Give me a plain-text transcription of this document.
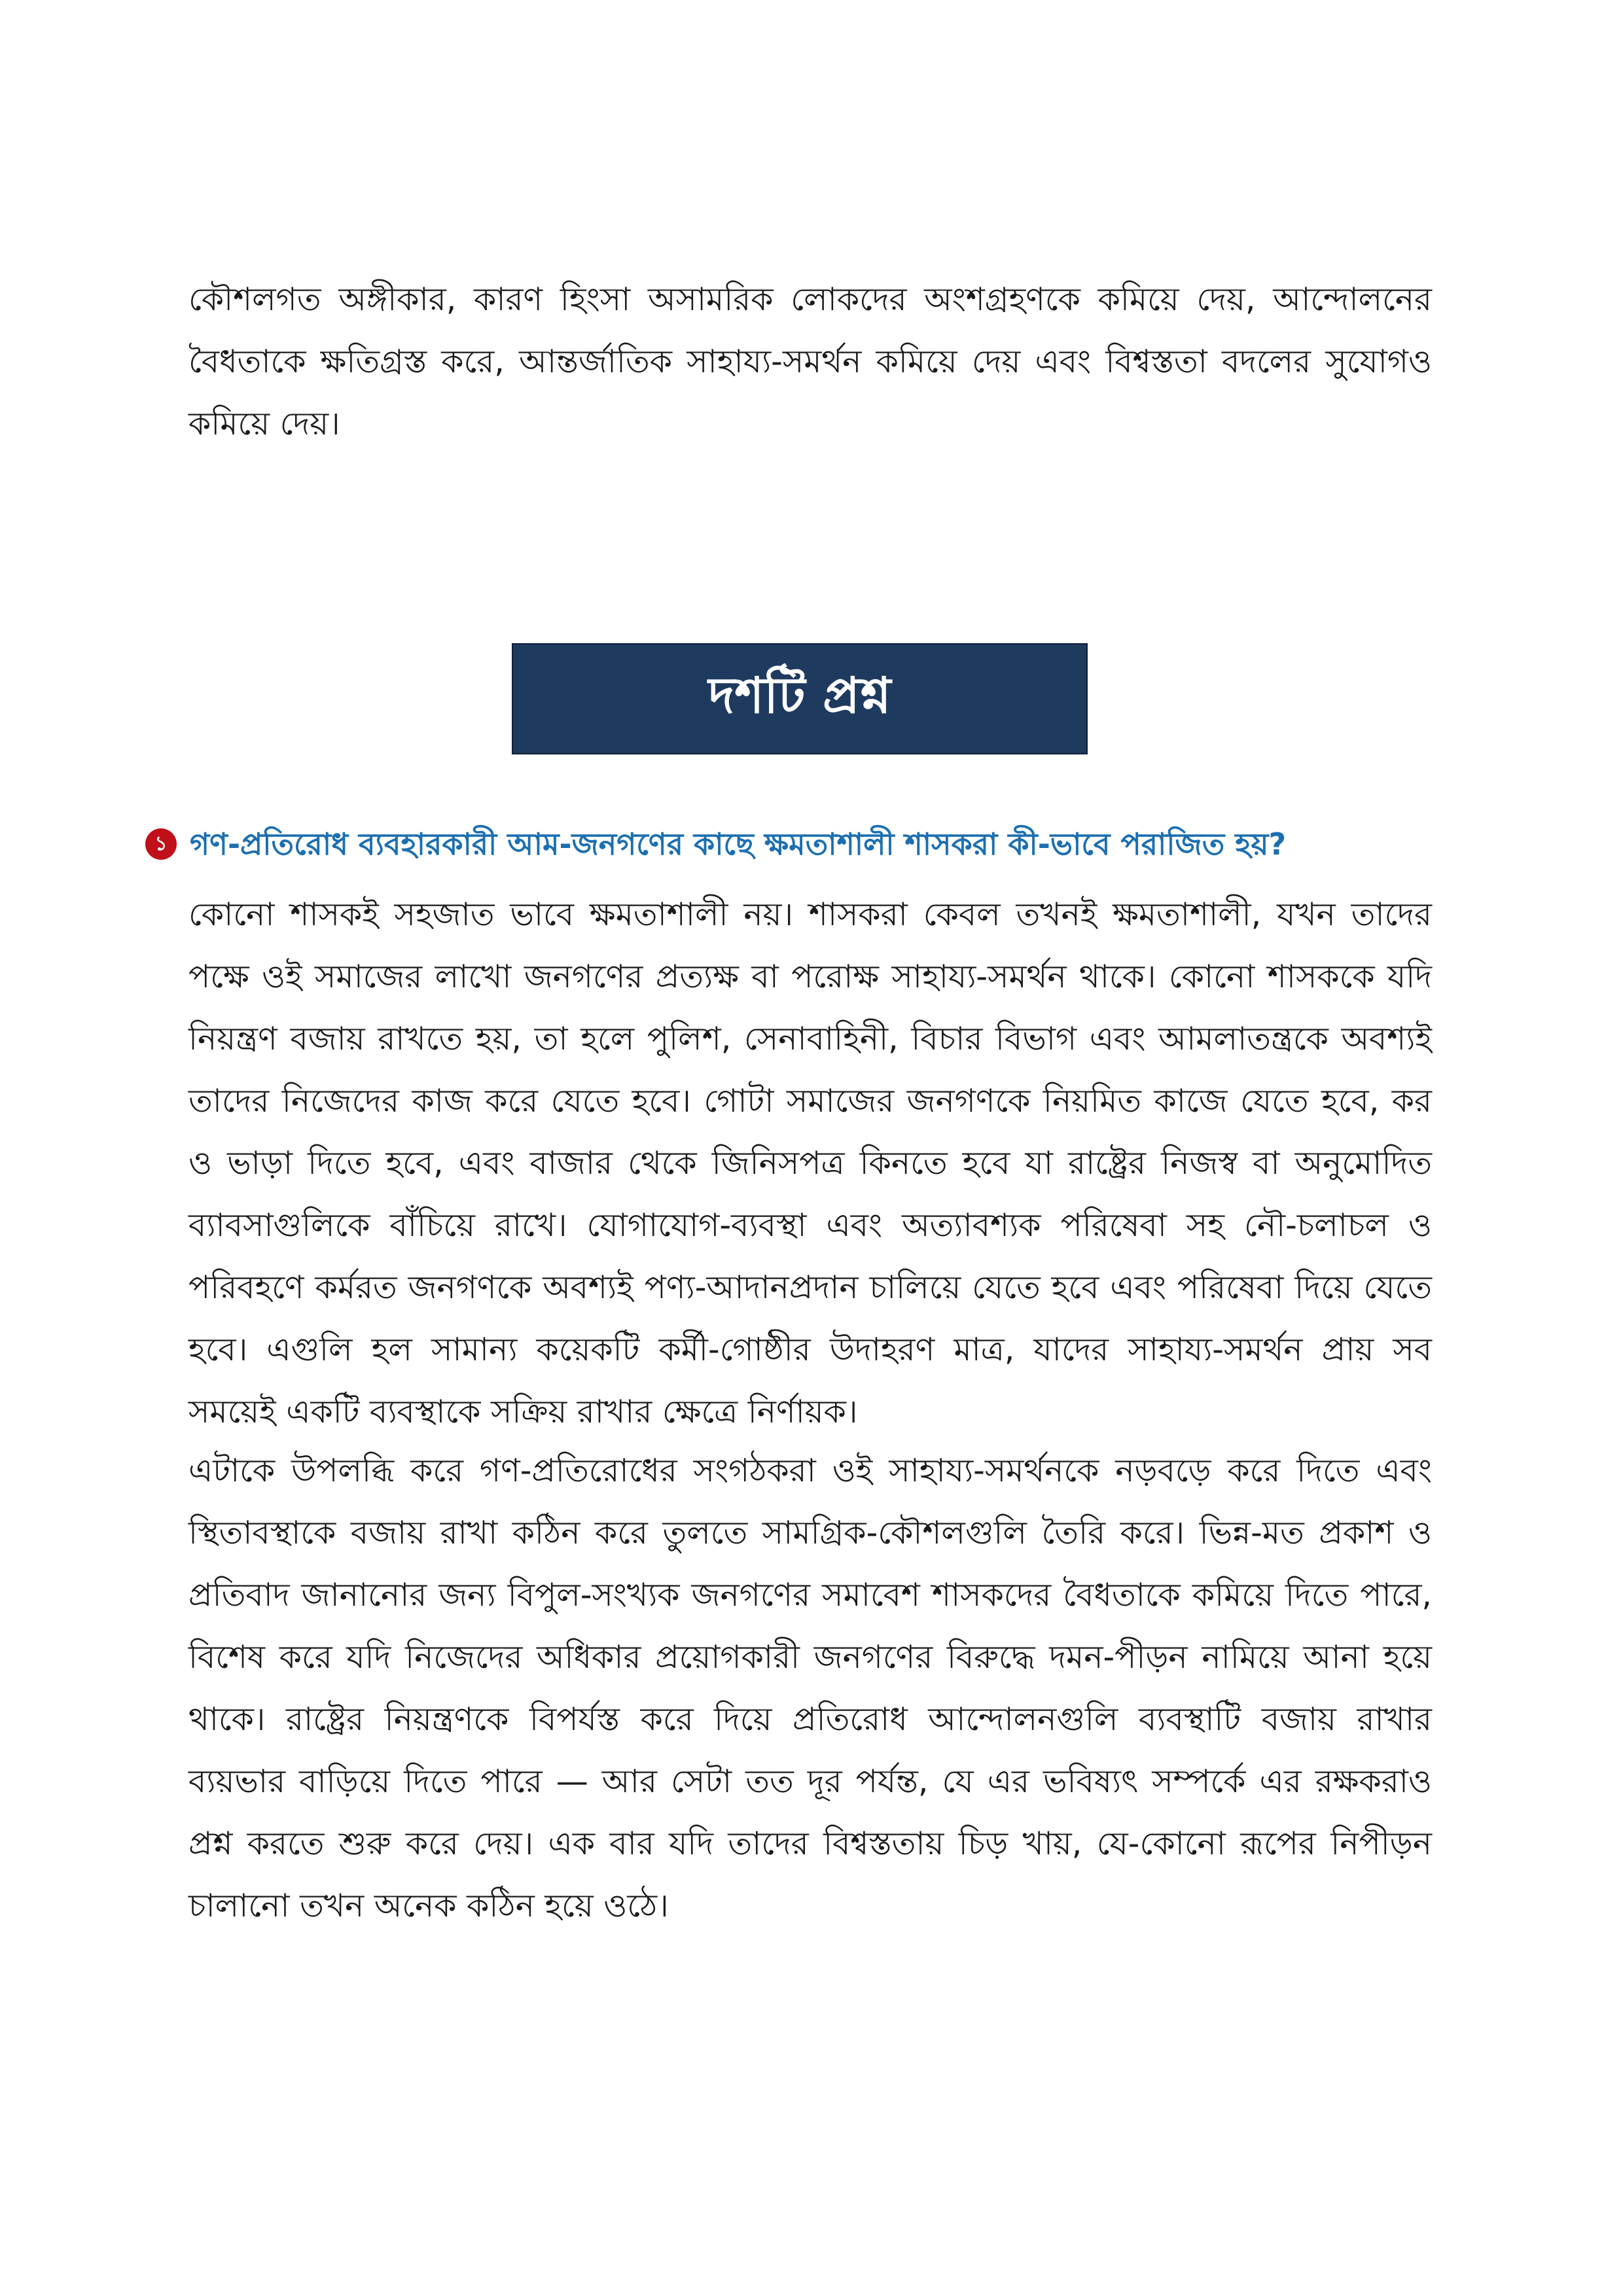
কৌশলগত অঙ্গীকার, কারণ হিংসা অসামরিক লোকদের অংশগ্রহণকে কমিয়ে দেয়, আন্দোলনের বৈধতাকে ক্ষতিগ্রস্ত করে, আন্তর্জাতিক সাহায্য-সমর্থন কমিয়ে দেয় এবং বিশ্বস্ততা বদলের সুযোগও কমিয়ে দেয়।

দশটি প্রশ্ন
১ গণ-প্রতিরোধ ব্যবহারকারী আম-জনগণের কাছে ক্ষমতাশালী শাসকরা কী-ভাবে পরাজিত হয়?

কোনো শাসকই সহজাত ভাবে ক্ষমতাশালী নয়। শাসকরা কেবল তখনই ক্ষমতাশালী, যখন তাদের পক্ষে ওই সমাজের লাখো জনগণের প্রত্যক্ষ বা পরোক্ষ সাহায্য-সমর্থন থাকে। কোনো শাসককে যদি নিয়ন্ত্রণ বজায় রাখতে হয়, তা হলে পুলিশ, সেনাবাহিনী, বিচার বিভাগ এবং আমলাতন্ত্রকে অবশ্যই তাদের নিজেদের কাজ করে যেতে হবে। গোটা সমাজের জনগণকে নিয়মিত কাজে যেতে হবে, কর ও ভাড়া দিতে হবে, এবং বাজার থেকে জিনিসপত্র কিনতে হবে যা রাষ্ট্রের নিজস্ব বা অনুমোদিত ব্যাবসাগুলিকে বাঁচিয়ে রাখে। যোগাযোগ-ব্যবস্থা এবং অত্যাবশ্যক পরিষেবা সহ নৌ-চলাচল ও পরিবহণে কর্মরত জনগণকে অবশ্যই পণ্য-আদানপ্রদান চালিয়ে যেতে হবে এবং পরিষেবা দিয়ে যেতে হবে। এগুলি হল সামান্য কয়েকটি কর্মী-গোষ্ঠীর উদাহরণ মাত্র, যাদের সাহায্য-সমর্থন প্রায় সব সময়েই একটি ব্যবস্থাকে সক্রিয় রাখার ক্ষেত্রে নির্ণায়ক।

এটাকে উপলব্ধি করে গণ-প্রতিরোধের সংগঠকরা ওই সাহায্য-সমর্থনকে নড়বড়ে করে দিতে এবং স্থিতাবস্থাকে বজায় রাখা কঠিন করে তুলতে সামগ্রিক-কৌশলগুলি তৈরি করে। ভিন্ন-মত প্রকাশ ও প্রতিবাদ জানানোর জন্য বিপুল-সংখ্যক জনগণের সমাবেশ শাসকদের বৈধতাকে কমিয়ে দিতে পারে, বিশেষ করে যদি নিজেদের অধিকার প্রয়োগকারী জনগণের বিরুদ্ধে দমন-পীড়ন নামিয়ে আনা হয়ে থাকে। রাষ্ট্রের নিয়ন্ত্রণকে বিপর্যস্ত করে দিয়ে প্রতিরোধ আন্দোলনগুলি ব্যবস্থাটি বজায় রাখার ব্যয়ভার বাড়িয়ে দিতে পারে — আর সেটা তত দূর পর্যন্ত, যে এর ভবিষ্যৎ সম্পর্কে এর রক্ষকরাও প্রশ্ন করতে শুরু করে দেয়। এক বার যদি তাদের বিশ্বস্ততায় চিড় খায়, যে-কোনো রূপের নিপীড়ন চালানো তখন অনেক কঠিন হয়ে ওঠে।
